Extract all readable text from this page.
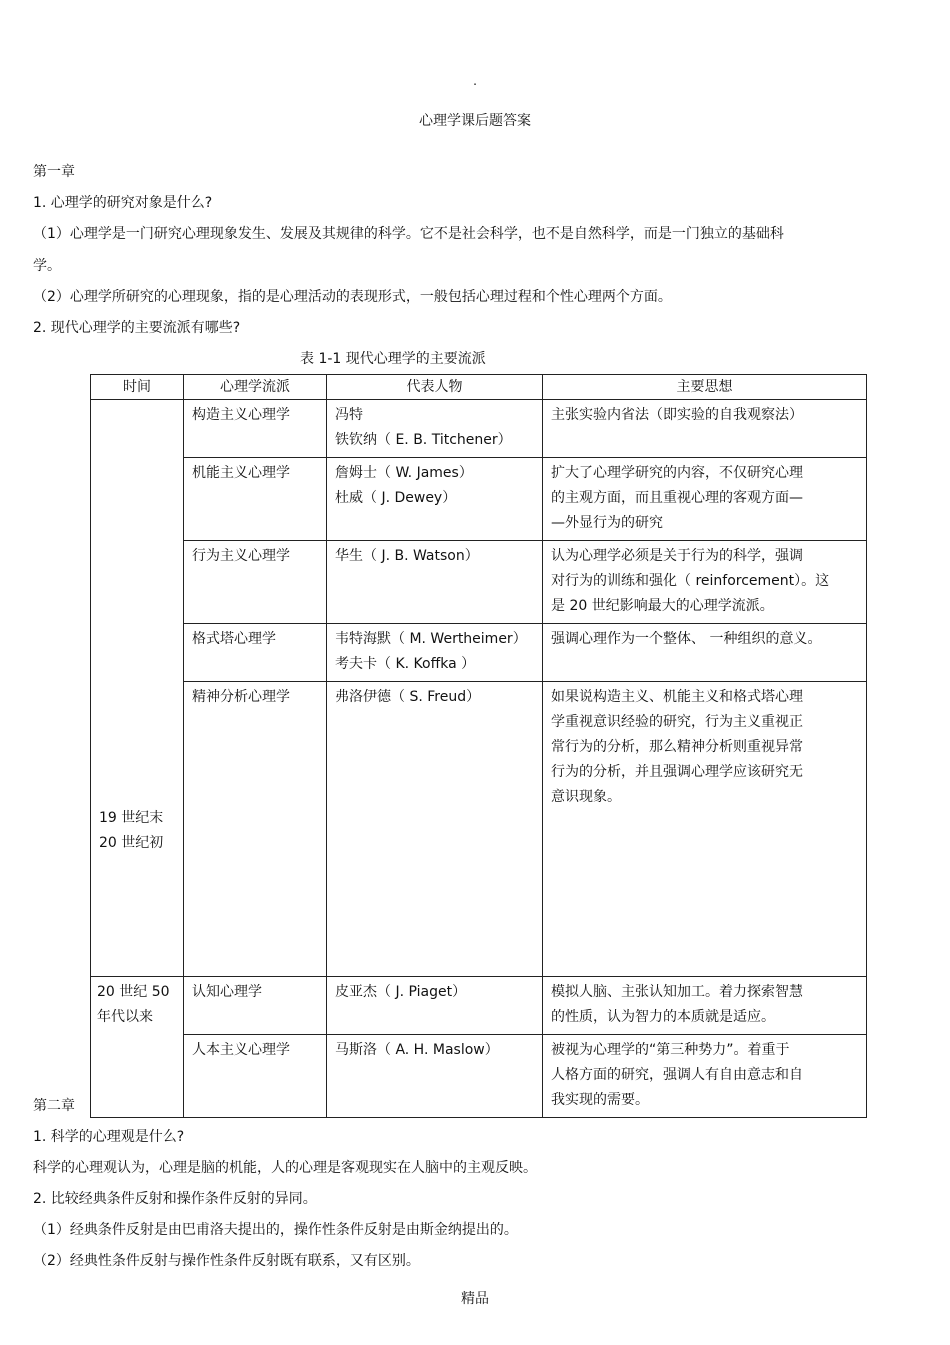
.
心理学课后题答案
第一章
1. 心理学的研究对象是什么?
（1）心理学是一门研究心理现象发生、发展及其规律的科学。它不是社会科学，也不是自然科学，而是一门独立的基础科
学。
（2）心理学所研究的心理现象，指的是心理活动的表现形式，一般包括心理过程和个性心理两个方面。
2. 现代心理学的主要流派有哪些?
表 1-1 现代心理学的主要流派
时间	心理学流派	代表人物	主要思想

19 世纪末
20 世纪初	构造主义心理学	冯特
铁钦纳（ E. B. Titchener）	主张实验内省法（即实验的自我观察法）

	机能主义心理学	詹姆士（ W. James）
杜威（ J. Dewey）	扩大了心理学研究的内容，不仅研究心理
的主观方面，而且重视心理的客观方面—
—外显行为的研究

	行为主义心理学	华生（ J. B. Watson）	认为心理学必须是关于行为的科学，强调
对行为的训练和强化（ reinforcement）。这
是 20 世纪影响最大的心理学流派。

	格式塔心理学	韦特海默（ M. Wertheimer）
考夫卡（ K. Koffka ）	强调心理作为一个整体、 一种组织的意义。

	精神分析心理学	弗洛伊德（ S. Freud）	如果说构造主义、机能主义和格式塔心理
学重视意识经验的研究，行为主义重视正
常行为的分析，那么精神分析则重视异常
行为的分析，并且强调心理学应该研究无
意识现象。

20 世纪 50
年代以来	认知心理学	皮亚杰（ J. Piaget）	模拟人脑、主张认知加工。着力探索智慧
的性质，认为智力的本质就是适应。

	人本主义心理学	马斯洛（ A. H. Maslow）	被视为心理学的“第三种势力”。着重于
人格方面的研究，强调人有自由意志和自
我实现的需要。
第二章
1. 科学的心理观是什么?
科学的心理观认为，心理是脑的机能，人的心理是客观现实在人脑中的主观反映。
2. 比较经典条件反射和操作条件反射的异同。
（1）经典条件反射是由巴甫洛夫提出的，操作性条件反射是由斯金纳提出的。
（2）经典性条件反射与操作性条件反射既有联系，又有区别。
精品
